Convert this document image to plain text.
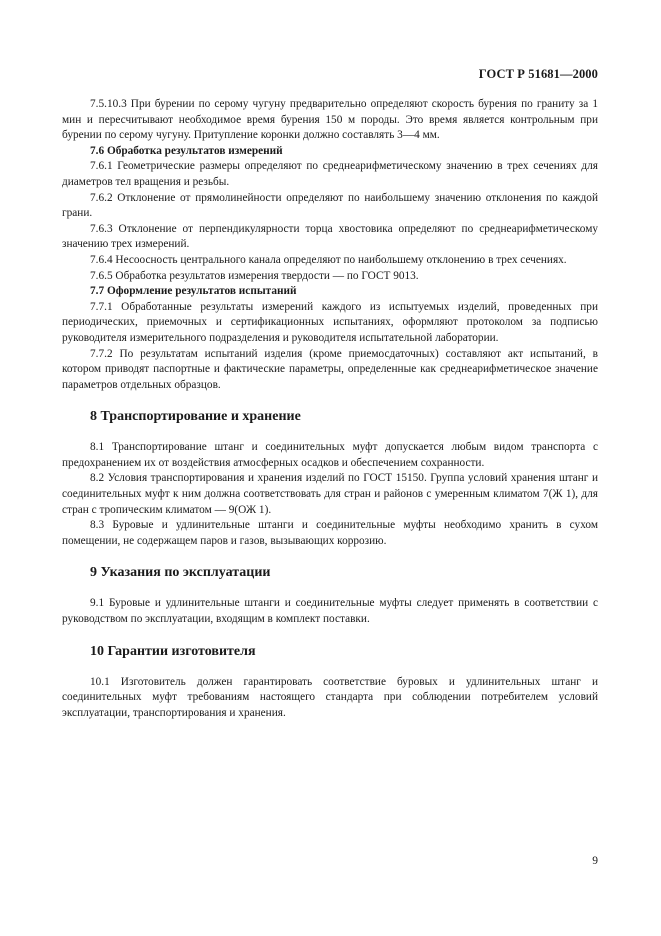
ГОСТ Р 51681—2000

7.5.10.3 При бурении по серому чугуну предварительно определяют скорость бурения по граниту за 1 мин и пересчитывают необходимое время бурения 150 м породы. Это время является контрольным при бурении по серому чугуну. Притупление коронки должно составлять 3—4 мм.

7.6 Обработка результатов измерений

7.6.1 Геометрические размеры определяют по среднеарифметическому значению в трех сечениях для диаметров тел вращения и резьбы.

7.6.2 Отклонение от прямолинейности определяют по наибольшему значению отклонения по каждой грани.

7.6.3 Отклонение от перпендикулярности торца хвостовика определяют по среднеарифметическому значению трех измерений.

7.6.4 Несоосность центрального канала определяют по наибольшему отклонению в трех сечениях.

7.6.5 Обработка результатов измерения твердости — по ГОСТ 9013.

7.7 Оформление результатов испытаний

7.7.1 Обработанные результаты измерений каждого из испытуемых изделий, проведенных при периодических, приемочных и сертификационных испытаниях, оформляют протоколом за подписью руководителя измерительного подразделения и руководителя испытательной лаборатории.

7.7.2 По результатам испытаний изделия (кроме приемосдаточных) составляют акт испытаний, в котором приводят паспортные и фактические параметры, определенные как среднеарифметическое значение параметров отдельных образцов.

8 Транспортирование и хранение

8.1 Транспортирование штанг и соединительных муфт допускается любым видом транспорта с предохранением их от воздействия атмосферных осадков и обеспечением сохранности.

8.2 Условия транспортирования и хранения изделий по ГОСТ 15150. Группа условий хранения штанг и соединительных муфт к ним должна соответствовать для стран и районов с умеренным климатом 7(Ж 1), для стран с тропическим климатом — 9(ОЖ 1).

8.3 Буровые и удлинительные штанги и соединительные муфты необходимо хранить в сухом помещении, не содержащем паров и газов, вызывающих коррозию.

9 Указания по эксплуатации

9.1 Буровые и удлинительные штанги и соединительные муфты следует применять в соответствии с руководством по эксплуатации, входящим в комплект поставки.

10 Гарантии изготовителя

10.1 Изготовитель должен гарантировать соответствие буровых и удлинительных штанг и соединительных муфт требованиям настоящего стандарта при соблюдении потребителем условий эксплуатации, транспортирования и хранения.

9
